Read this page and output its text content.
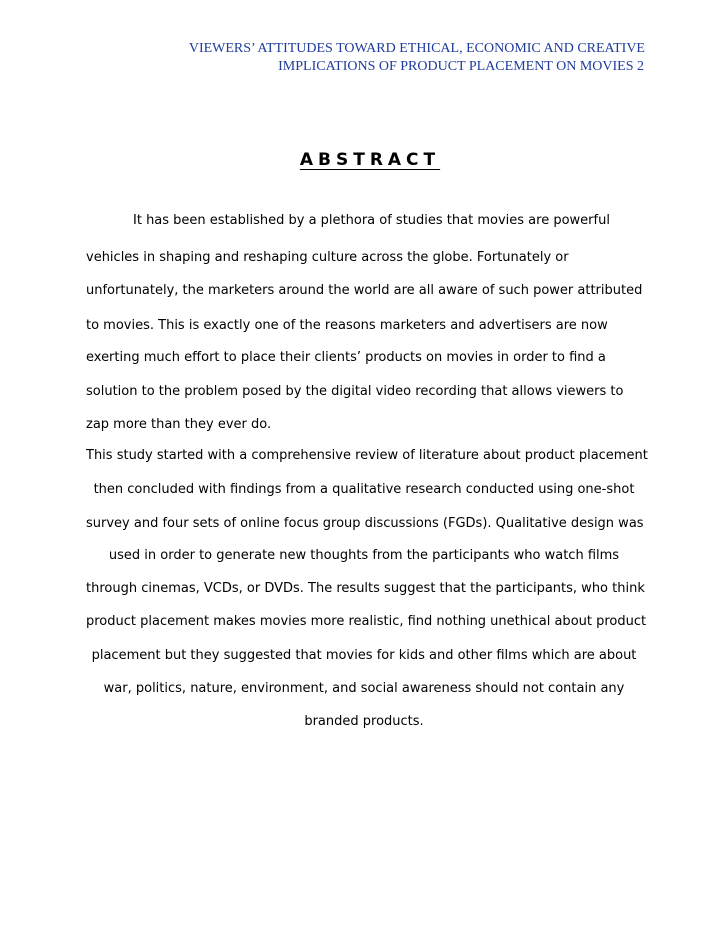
VIEWERS’ ATTITUDES TOWARD ETHICAL, ECONOMIC AND CREATIVE
IMPLICATIONS OF PRODUCT PLACEMENT ON MOVIES 2
ABSTRACT
It has been established by a plethora of studies that movies are powerful
vehicles in shaping and reshaping culture across the globe. Fortunately or
unfortunately, the marketers around the world are all aware of such power attributed
to movies. This is exactly one of the reasons marketers and advertisers are now
exerting much effort to place their clients’ products on movies in order to find a
solution to the problem posed by the digital video recording that allows viewers to
zap more than they ever do.
This study started with a comprehensive review of literature about product placement
then concluded with findings from a qualitative research conducted using one-shot
survey and four sets of online focus group discussions (FGDs). Qualitative design was
used in order to generate new thoughts from the participants who watch films
through cinemas, VCDs, or DVDs. The results suggest that the participants, who think
product placement makes movies more realistic, find nothing unethical about product
placement but they suggested that movies for kids and other films which are about
war, politics, nature, environment, and social awareness should not contain any
branded products.
